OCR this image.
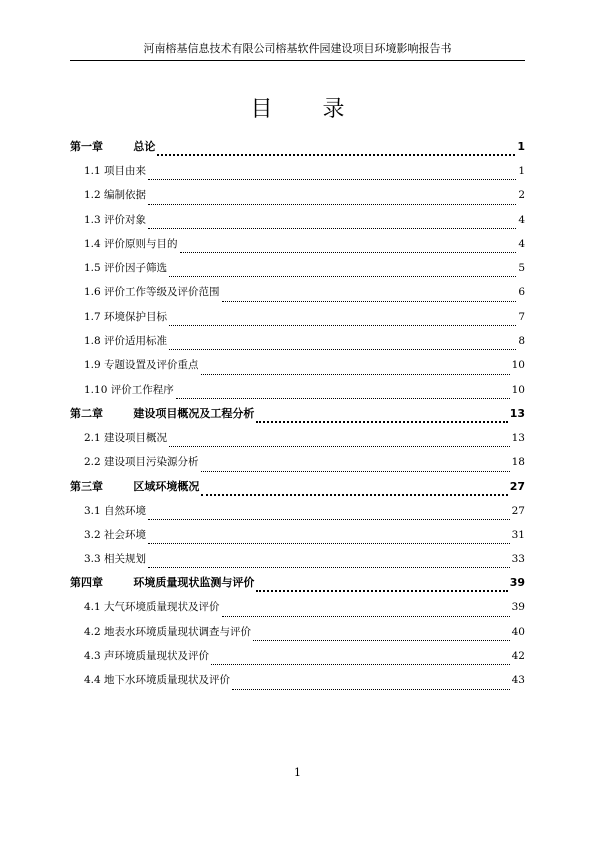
河南榕基信息技术有限公司榕基软件园建设项目环境影响报告书
目录
第一章	总论	1
1.1 项目由来	1
1.2 编制依据	2
1.3 评价对象	4
1.4 评价原则与目的	4
1.5 评价因子筛选	5
1.6 评价工作等级及评价范围	6
1.7 环境保护目标	7
1.8 评价适用标准	8
1.9 专题设置及评价重点	10
1.10 评价工作程序	10
第二章	建设项目概况及工程分析	13
2.1 建设项目概况	13
2.2 建设项目污染源分析	18
第三章	区域环境概况	27
3.1 自然环境	27
3.2 社会环境	31
3.3 相关规划	33
第四章	环境质量现状监测与评价	39
4.1 大气环境质量现状及评价	39
4.2 地表水环境质量现状调查与评价	40
4.3 声环境质量现状及评价	42
4.4 地下水环境质量现状及评价	43
1
